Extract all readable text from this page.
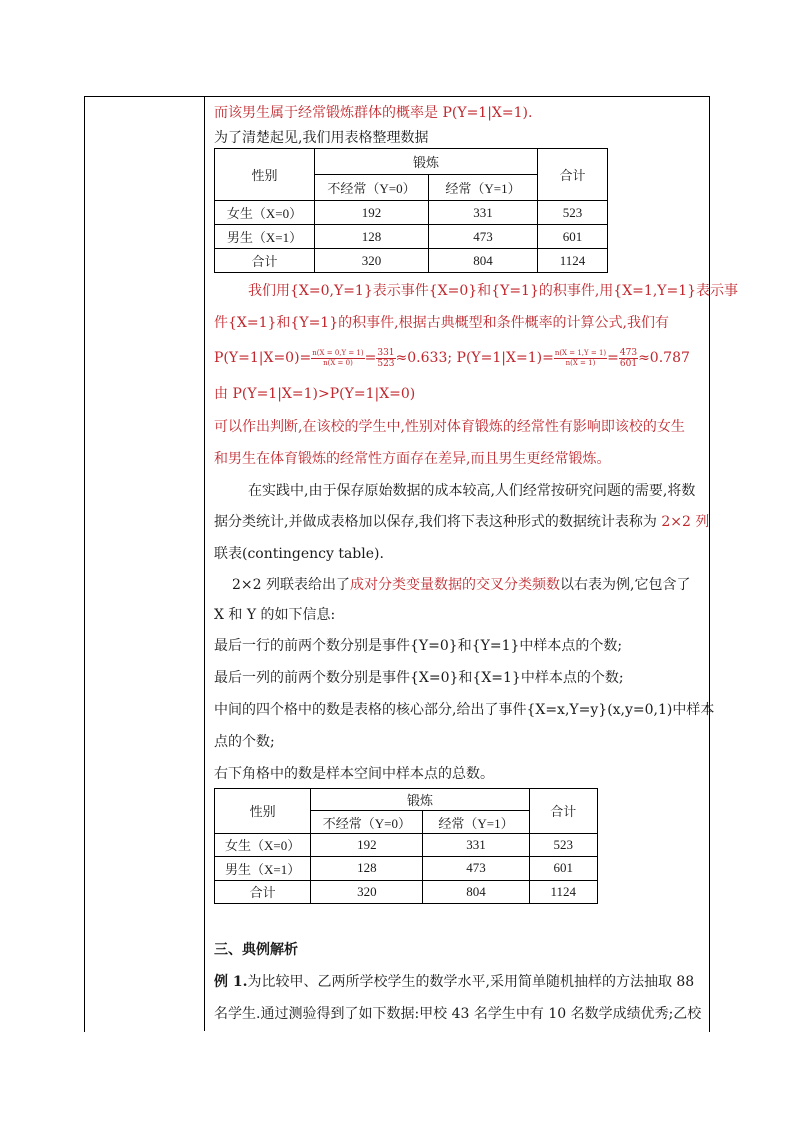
而该男生属于经常锻炼群体的概率是 P(Y=1|X=1).
为了清楚起见,我们用表格整理数据
性别	锻炼		合计
	不经常（Y=0）	经常（Y=1）	
女生（X=0）	192	331	523
男生（X=1）	128	473	601
合计	320	804	1124
我们用{X=0,Y=1}表示事件{X=0}和{Y=1}的积事件,用{X=1,Y=1}表示事
件{X=1}和{Y=1}的积事件,根据古典概型和条件概率的计算公式,我们有
$P(Y=1|X=0)= \frac{n(X = 0,Y = 1)}{n(X = 0)} = \frac{331}{523} \approx 0.633$; $P(Y=1|X=1)= \frac{n(X = 1,Y = 1)}{n(X = 1)} = \frac{473}{601} \approx 0.787$
由 P(Y=1|X=1)>P(Y=1|X=0)
可以作出判断,在该校的学生中,性别对体育锻炼的经常性有影响即该校的女生
和男生在体育锻炼的经常性方面存在差异,而且男生更经常锻炼。
在实践中,由于保存原始数据的成本较高,人们经常按研究问题的需要,将数
据分类统计,并做成表格加以保存,我们将下表这种形式的数据统计表称为 2×2 列
联表(contingency table).
2×2 列联表给出了成对分类变量数据的交叉分类频数以右表为例,它包含了
X 和 Y 的如下信息:
最后一行的前两个数分别是事件{Y=0}和{Y=1}中样本点的个数;
最后一列的前两个数分别是事件{X=0}和{X=1}中样本点的个数;
中间的四个格中的数是表格的核心部分,给出了事件{X=x,Y=y}(x,y=0,1)中样本
点的个数;
右下角格中的数是样本空间中样本点的总数。
性别	锻炼		合计
	不经常（Y=0）	经常（Y=1）	
女生（X=0）	192	331	523
男生（X=1）	128	473	601
合计	320	804	1124
三、典例解析
例 1.为比较甲、乙两所学校学生的数学水平,采用简单随机抽样的方法抽取 88
名学生.通过测验得到了如下数据:甲校 43 名学生中有 10 名数学成绩优秀;乙校
